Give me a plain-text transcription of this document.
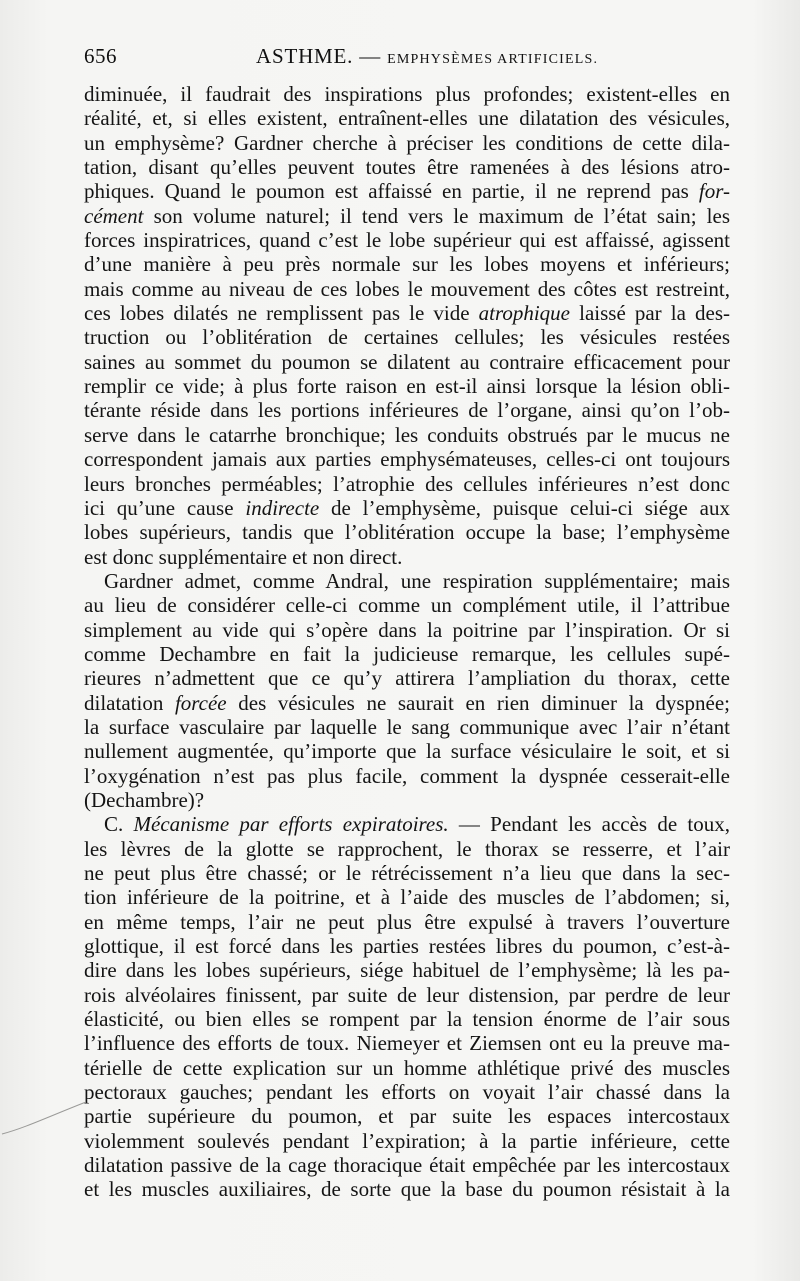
656	ASTHME. — EMPHYSÈMES ARTIFICIELS.
diminuée, il faudrait des inspirations plus profondes; existent-elles en
réalité, et, si elles existent, entraînent-elles une dilatation des vésicules,
un emphysème? Gardner cherche à préciser les conditions de cette dila-
tation, disant qu’elles peuvent toutes être ramenées à des lésions atro-
phiques. Quand le poumon est affaissé en partie, il ne reprend pas for-
cément son volume naturel; il tend vers le maximum de l’état sain; les
forces inspiratrices, quand c’est le lobe supérieur qui est affaissé, agissent
d’une manière à peu près normale sur les lobes moyens et inférieurs;
mais comme au niveau de ces lobes le mouvement des côtes est restreint,
ces lobes dilatés ne remplissent pas le vide atrophique laissé par la des-
truction ou l’oblitération de certaines cellules; les vésicules restées
saines au sommet du poumon se dilatent au contraire efficacement pour
remplir ce vide; à plus forte raison en est-il ainsi lorsque la lésion obli-
térante réside dans les portions inférieures de l’organe, ainsi qu’on l’ob-
serve dans le catarrhe bronchique; les conduits obstrués par le mucus ne
correspondent jamais aux parties emphysémateuses, celles-ci ont toujours
leurs bronches perméables; l’atrophie des cellules inférieures n’est donc
ici qu’une cause indirecte de l’emphysème, puisque celui-ci siége aux
lobes supérieurs, tandis que l’oblitération occupe la base; l’emphysème
est donc supplémentaire et non direct.
Gardner admet, comme Andral, une respiration supplémentaire; mais
au lieu de considérer celle-ci comme un complément utile, il l’attribue
simplement au vide qui s’opère dans la poitrine par l’inspiration. Or si
comme Dechambre en fait la judicieuse remarque, les cellules supé-
rieures n’admettent que ce qu’y attirera l’ampliation du thorax, cette
dilatation forcée des vésicules ne saurait en rien diminuer la dyspnée;
la surface vasculaire par laquelle le sang communique avec l’air n’étant
nullement augmentée, qu’importe que la surface vésiculaire le soit, et si
l’oxygénation n’est pas plus facile, comment la dyspnée cesserait-elle
(Dechambre)?
C. Mécanisme par efforts expiratoires. — Pendant les accès de toux,
les lèvres de la glotte se rapprochent, le thorax se resserre, et l’air
ne peut plus être chassé; or le rétrécissement n’a lieu que dans la sec-
tion inférieure de la poitrine, et à l’aide des muscles de l’abdomen; si,
en même temps, l’air ne peut plus être expulsé à travers l’ouverture
glottique, il est forcé dans les parties restées libres du poumon, c’est-à-
dire dans les lobes supérieurs, siége habituel de l’emphysème; là les pa-
rois alvéolaires finissent, par suite de leur distension, par perdre de leur
élasticité, ou bien elles se rompent par la tension énorme de l’air sous
l’influence des efforts de toux. Niemeyer et Ziemsen ont eu la preuve ma-
térielle de cette explication sur un homme athlétique privé des muscles
pectoraux gauches; pendant les efforts on voyait l’air chassé dans la
partie supérieure du poumon, et par suite les espaces intercostaux
violemment soulevés pendant l’expiration; à la partie inférieure, cette
dilatation passive de la cage thoracique était empêchée par les intercostaux
et les muscles auxiliaires, de sorte que la base du poumon résistait à la
